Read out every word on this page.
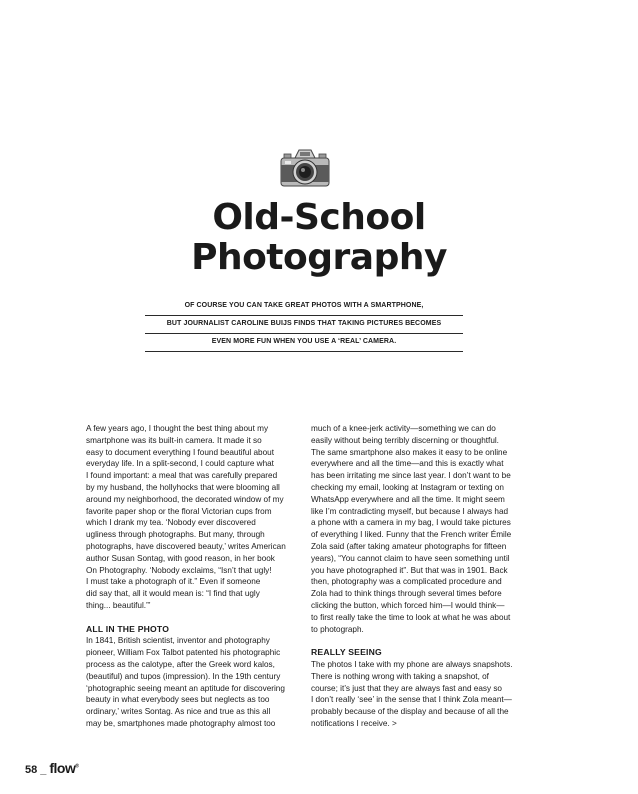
Old-School
Photography
OF COURSE YOU CAN TAKE GREAT PHOTOS WITH A SMARTPHONE,
BUT JOURNALIST CAROLINE BUIJS FINDS THAT TAKING PICTURES BECOMES
EVEN MORE FUN WHEN YOU USE A ‘REAL’ CAMERA.

A few years ago, I thought the best thing about my
smartphone was its built-in camera. It made it so
easy to document everything I found beautiful about
everyday life. In a split-second, I could capture what
I found important: a meal that was carefully prepared
by my husband, the hollyhocks that were blooming all
around my neighborhood, the decorated window of my
favorite paper shop or the floral Victorian cups from
which I drank my tea. ‘Nobody ever discovered
ugliness through photographs. But many, through
photographs, have discovered beauty,’ writes American
author Susan Sontag, with good reason, in her book
On Photography. ‘Nobody exclaims, “Isn’t that ugly!
I must take a photograph of it.” Even if someone
did say that, all it would mean is: “I find that ugly
thing... beautiful.”’

ALL IN THE PHOTO

In 1841, British scientist, inventor and photography
pioneer, William Fox Talbot patented his photographic
process as the calotype, after the Greek word kalos,
(beautiful) and tupos (impression). In the 19th century
‘photographic seeing meant an aptitude for discovering
beauty in what everybody sees but neglects as too
ordinary,’ writes Sontag. As nice and true as this all
may be, smartphones made photography almost too

much of a knee-jerk activity—something we can do
easily without being terribly discerning or thoughtful.
The same smartphone also makes it easy to be online
everywhere and all the time—and this is exactly what
has been irritating me since last year. I don’t want to be
checking my email, looking at Instagram or texting on
WhatsApp everywhere and all the time. It might seem
like I’m contradicting myself, but because I always had
a phone with a camera in my bag, I would take pictures
of everything I liked. Funny that the French writer Émile
Zola said (after taking amateur photographs for fifteen
years), “You cannot claim to have seen something until
you have photographed it”. But that was in 1901. Back
then, photography was a complicated procedure and
Zola had to think things through several times before
clicking the button, which forced him—I would think—
to first really take the time to look at what he was about
to photograph.

REALLY SEEING

The photos I take with my phone are always snapshots.
There is nothing wrong with taking a snapshot, of
course; it’s just that they are always fast and easy so
I don’t really ‘see’ in the sense that I think Zola meant—
probably because of the display and because of all the
notifications I receive. >

58 _ flow®
